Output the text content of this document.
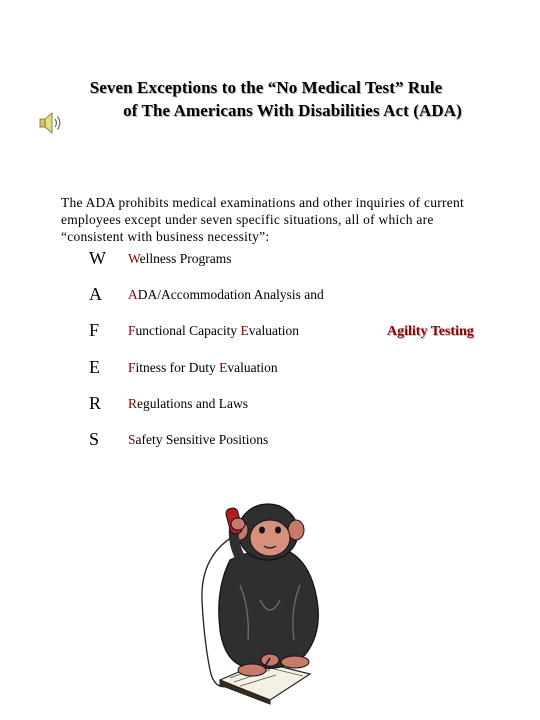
Seven Exceptions to the “No Medical Test” Rule
of The Americans With Disabilities Act (ADA)
The ADA prohibits medical examinations and other inquiries of current employees except under seven specific situations, all of which are “consistent with business necessity”:
W Wellness Programs
A ADA/Accommodation Analysis and
F Functional Capacity Evaluation
E Fitness for Duty Evaluation
R Regulations and Laws
S Safety Sensitive Positions
Agility Testing
